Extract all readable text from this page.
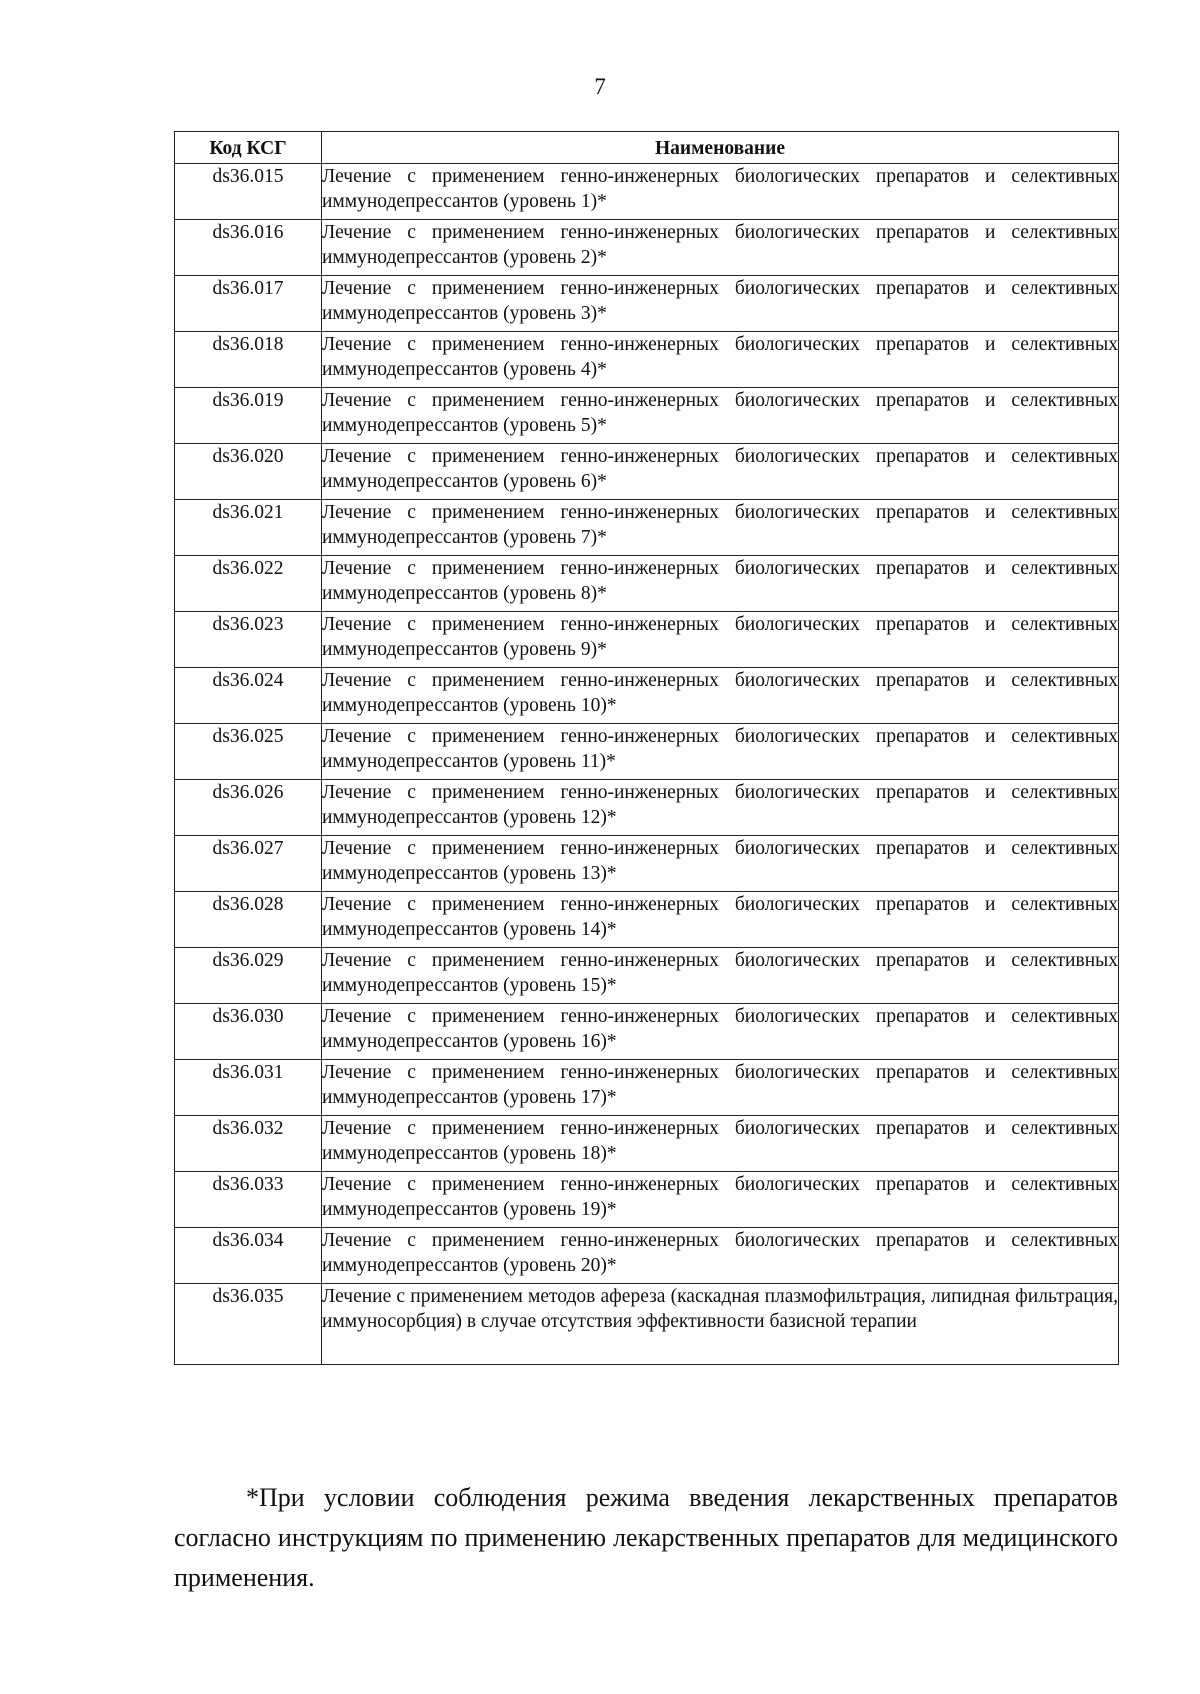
7
Код КСГ	Наименование
ds36.015	Лечение с применением генно-инженерных биологических препаратов и селективных иммунодепрессантов (уровень 1)*
ds36.016	Лечение с применением генно-инженерных биологических препаратов и селективных иммунодепрессантов (уровень 2)*
ds36.017	Лечение с применением генно-инженерных биологических препаратов и селективных иммунодепрессантов (уровень 3)*
ds36.018	Лечение с применением генно-инженерных биологических препаратов и селективных иммунодепрессантов (уровень 4)*
ds36.019	Лечение с применением генно-инженерных биологических препаратов и селективных иммунодепрессантов (уровень 5)*
ds36.020	Лечение с применением генно-инженерных биологических препаратов и селективных иммунодепрессантов (уровень 6)*
ds36.021	Лечение с применением генно-инженерных биологических препаратов и селективных иммунодепрессантов (уровень 7)*
ds36.022	Лечение с применением генно-инженерных биологических препаратов и селективных иммунодепрессантов (уровень 8)*
ds36.023	Лечение с применением генно-инженерных биологических препаратов и селективных иммунодепрессантов (уровень 9)*
ds36.024	Лечение с применением генно-инженерных биологических препаратов и селективных иммунодепрессантов (уровень 10)*
ds36.025	Лечение с применением генно-инженерных биологических препаратов и селективных иммунодепрессантов (уровень 11)*
ds36.026	Лечение с применением генно-инженерных биологических препаратов и селективных иммунодепрессантов (уровень 12)*
ds36.027	Лечение с применением генно-инженерных биологических препаратов и селективных иммунодепрессантов (уровень 13)*
ds36.028	Лечение с применением генно-инженерных биологических препаратов и селективных иммунодепрессантов (уровень 14)*
ds36.029	Лечение с применением генно-инженерных биологических препаратов и селективных иммунодепрессантов (уровень 15)*
ds36.030	Лечение с применением генно-инженерных биологических препаратов и селективных иммунодепрессантов (уровень 16)*
ds36.031	Лечение с применением генно-инженерных биологических препаратов и селективных иммунодепрессантов (уровень 17)*
ds36.032	Лечение с применением генно-инженерных биологических препаратов и селективных иммунодепрессантов (уровень 18)*
ds36.033	Лечение с применением генно-инженерных биологических препаратов и селективных иммунодепрессантов (уровень 19)*
ds36.034	Лечение с применением генно-инженерных биологических препаратов и селективных иммунодепрессантов (уровень 20)*
ds36.035	Лечение с применением методов афереза (каскадная плазмофильтрация, липидная фильтрация, иммуносорбция) в случае отсутствия эффективности базисной терапии

*При условии соблюдения режима введения лекарственных препаратов согласно инструкциям по применению лекарственных препаратов для медицинского применения.
